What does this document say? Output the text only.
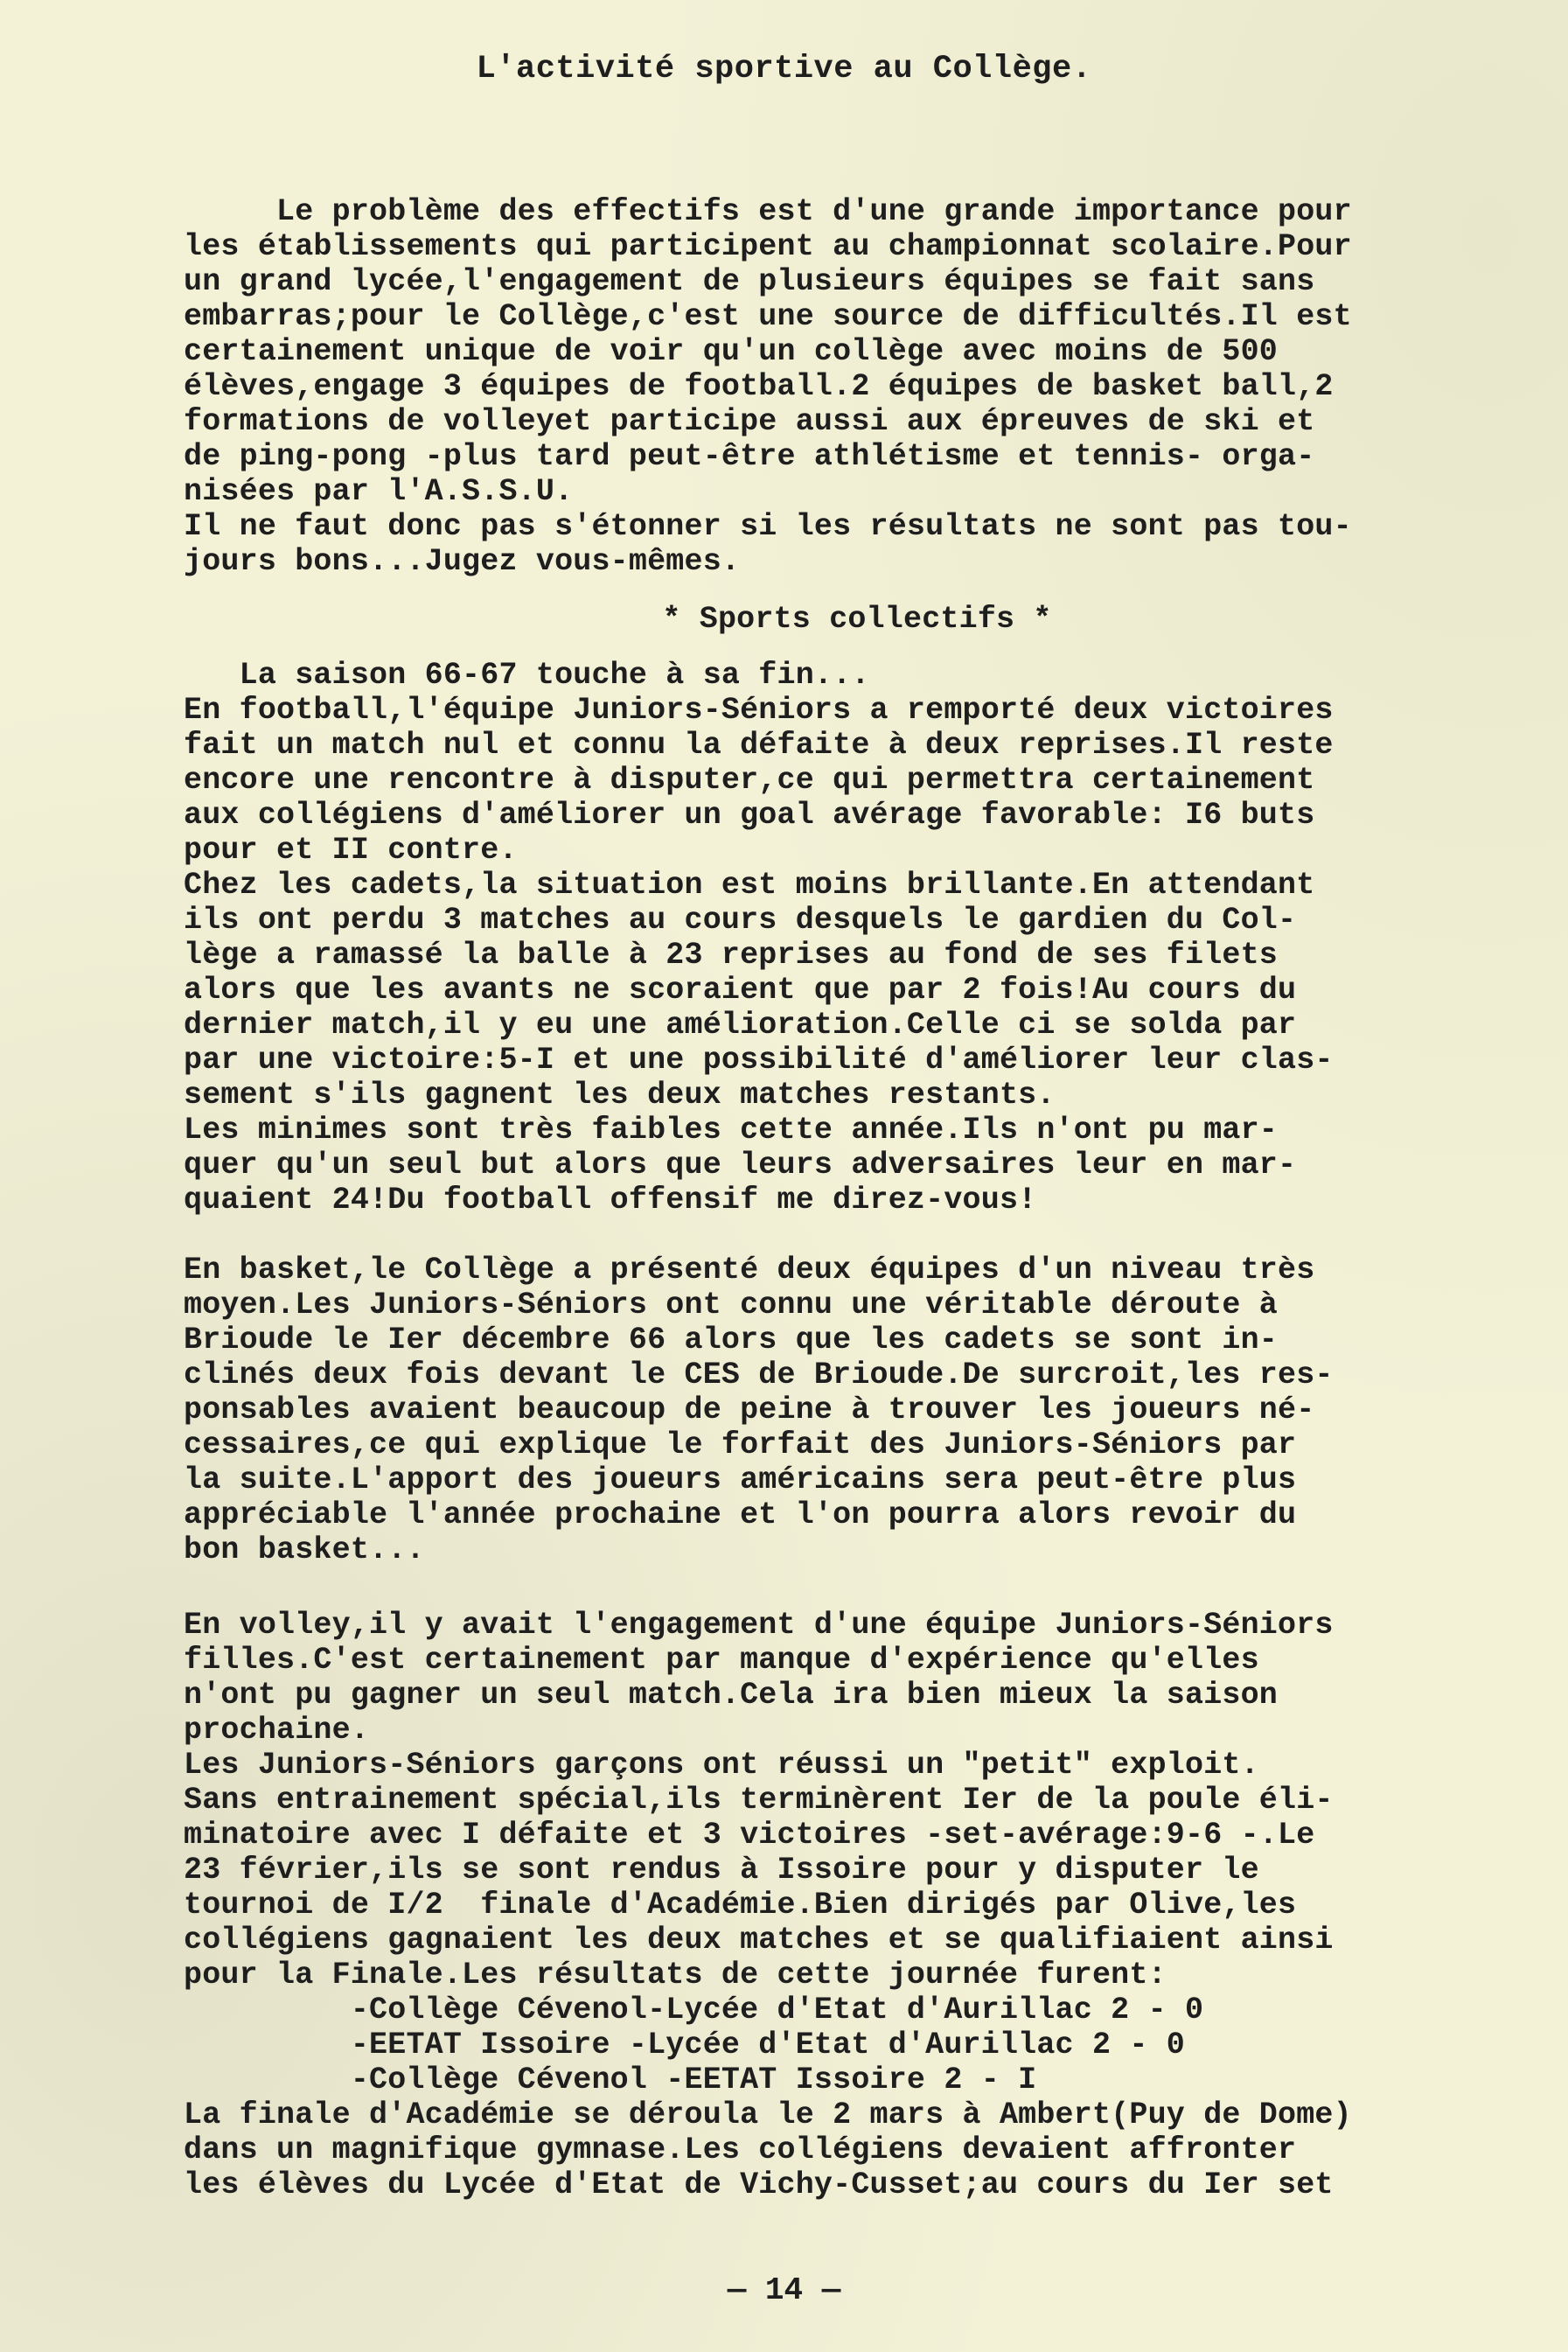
L'activité sportive au Collège.
Le problème des effectifs est d'une grande importance pour
les établissements qui participent au championnat scolaire.Pour
un grand lycée,l'engagement de plusieurs équipes se fait sans
embarras;pour le Collège,c'est une source de difficultés.Il est
certainement unique de voir qu'un collège avec moins de 500
élèves,engage 3 équipes de football.2 équipes de basket ball,2
formations de volleyet participe aussi aux épreuves de ski et
de ping-pong -plus tard peut-être athlétisme et tennis- orga-
nisées par l'A.S.S.U.
Il ne faut donc pas s'étonner si les résultats ne sont pas tou-
jours bons...Jugez vous-mêmes.
* Sports collectifs *
La saison 66-67 touche à sa fin...
En football,l'équipe Juniors-Séniors a remporté deux victoires
fait un match nul et connu la défaite à deux reprises.Il reste
encore une rencontre à disputer,ce qui permettra certainement
aux collégiens d'améliorer un goal avérage favorable: I6 buts
pour et II contre.
Chez les cadets,la situation est moins brillante.En attendant
ils ont perdu 3 matches au cours desquels le gardien du Col-
lège a ramassé la balle à 23 reprises au fond de ses filets
alors que les avants ne scoraient que par 2 fois!Au cours du
dernier match,il y eu une amélioration.Celle ci se solda par
par une victoire:5-I et une possibilité d'améliorer leur clas-
sement s'ils gagnent les deux matches restants.
Les minimes sont très faibles cette année.Ils n'ont pu mar-
quer qu'un seul but alors que leurs adversaires leur en mar-
quaient 24!Du football offensif me direz-vous!
En basket,le Collège a présenté deux équipes d'un niveau très
moyen.Les Juniors-Séniors ont connu une véritable déroute à
Brioude le Ier décembre 66 alors que les cadets se sont in-
clinés deux fois devant le CES de Brioude.De surcroit,les res-
ponsables avaient beaucoup de peine à trouver les joueurs né-
cessaires,ce qui explique le forfait des Juniors-Séniors par
la suite.L'apport des joueurs américains sera peut-être plus
appréciable l'année prochaine et l'on pourra alors revoir du
bon basket...
En volley,il y avait l'engagement d'une équipe Juniors-Séniors
filles.C'est certainement par manque d'expérience qu'elles
n'ont pu gagner un seul match.Cela ira bien mieux la saison
prochaine.
Les Juniors-Séniors garçons ont réussi un "petit" exploit.
Sans entrainement spécial,ils terminèrent Ier de la poule éli-
minatoire avec I défaite et 3 victoires -set-avérage:9-6 -.Le
23 février,ils se sont rendus à Issoire pour y disputer le
tournoi de I/2  finale d'Académie.Bien dirigés par Olive,les
collégiens gagnaient les deux matches et se qualifiaient ainsi
pour la Finale.Les résultats de cette journée furent:
-Collège Cévenol-Lycée d'Etat d'Aurillac 2 - 0
-EETAT Issoire -Lycée d'Etat d'Aurillac 2 - 0
-Collège Cévenol -EETAT Issoire 2 - I
La finale d'Académie se déroula le 2 mars à Ambert(Puy de Dome)
dans un magnifique gymnase.Les collégiens devaient affronter
les élèves du Lycée d'Etat de Vichy-Cusset;au cours du Ier set
— 14 —
